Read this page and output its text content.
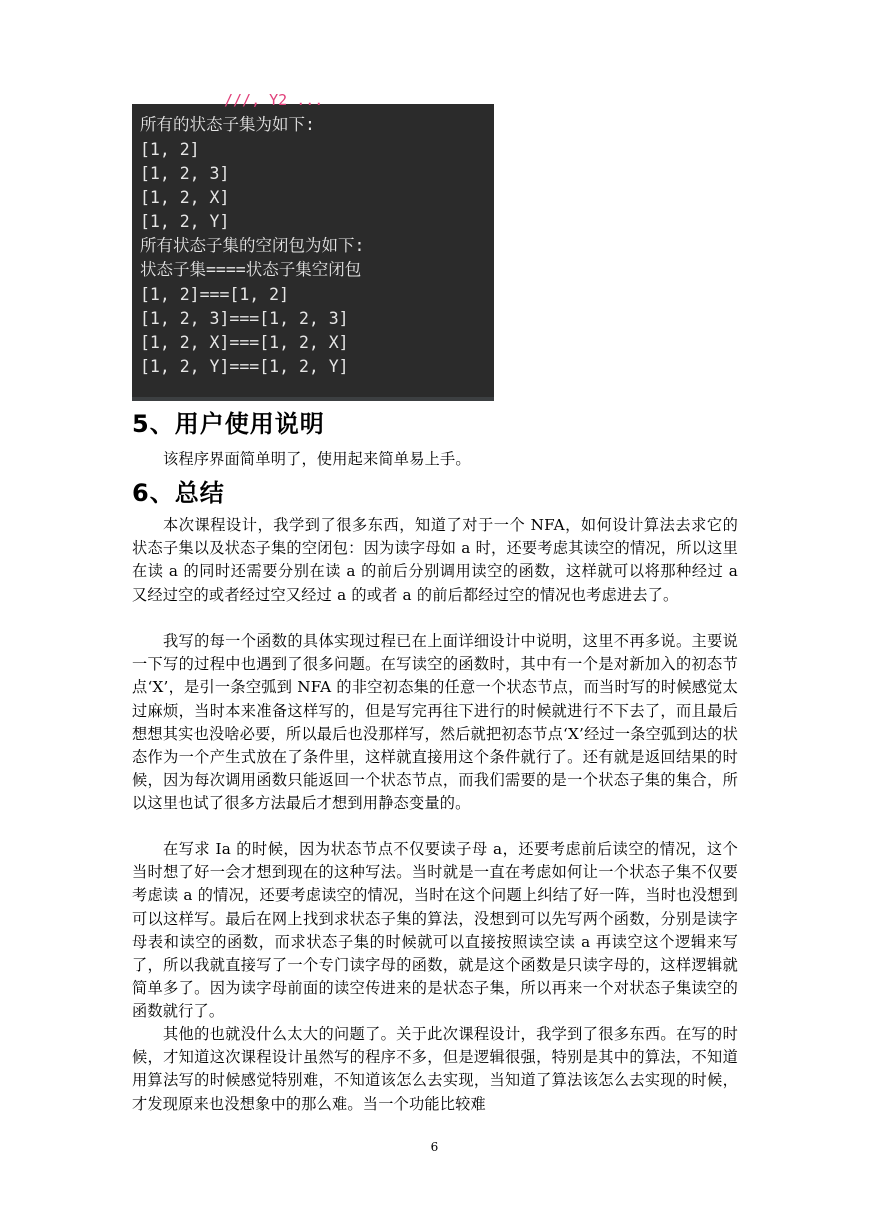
///, Y2 ...
所有的状态子集为如下:
[1, 2]
[1, 2, 3]
[1, 2, X]
[1, 2, Y]
所有状态子集的空闭包为如下:
状态子集====状态子集空闭包
[1, 2]===[1, 2]
[1, 2, 3]===[1, 2, 3]
[1, 2, X]===[1, 2, X]
[1, 2, Y]===[1, 2, Y]
5、用户使用说明

该程序界面简单明了，使用起来简单易上手。

6、总结

本次课程设计，我学到了很多东西，知道了对于一个 NFA，如何设计算法去求它的状态子集以及状态子集的空闭包：因为读字母如 a 时，还要考虑其读空的情况，所以这里在读 a 的同时还需要分别在读 a 的前后分别调用读空的函数，这样就可以将那种经过 a 又经过空的或者经过空又经过 a 的或者 a 的前后都经过空的情况也考虑进去了。

我写的每一个函数的具体实现过程已在上面详细设计中说明，这里不再多说。主要说一下写的过程中也遇到了很多问题。在写读空的函数时，其中有一个是对新加入的初态节点‘X’，是引一条空弧到 NFA 的非空初态集的任意一个状态节点，而当时写的时候感觉太过麻烦，当时本来准备这样写的，但是写完再往下进行的时候就进行不下去了，而且最后想想其实也没啥必要，所以最后也没那样写，然后就把初态节点‘X’经过一条空弧到达的状态作为一个产生式放在了条件里，这样就直接用这个条件就行了。还有就是返回结果的时候，因为每次调用函数只能返回一个状态节点，而我们需要的是一个状态子集的集合，所以这里也试了很多方法最后才想到用静态变量的。

在写求 Ia 的时候，因为状态节点不仅要读子母 a，还要考虑前后读空的情况，这个当时想了好一会才想到现在的这种写法。当时就是一直在考虑如何让一个状态子集不仅要考虑读 a 的情况，还要考虑读空的情况，当时在这个问题上纠结了好一阵，当时也没想到可以这样写。最后在网上找到求状态子集的算法，没想到可以先写两个函数，分别是读字母表和读空的函数，而求状态子集的时候就可以直接按照读空读 a 再读空这个逻辑来写了，所以我就直接写了一个专门读字母的函数，就是这个函数是只读字母的，这样逻辑就简单多了。因为读字母前面的读空传进来的是状态子集，所以再来一个对状态子集读空的函数就行了。

其他的也就没什么太大的问题了。关于此次课程设计，我学到了很多东西。在写的时候，才知道这次课程设计虽然写的程序不多，但是逻辑很强，特别是其中的算法，不知道用算法写的时候感觉特别难，不知道该怎么去实现，当知道了算法该怎么去实现的时候，才发现原来也没想象中的那么难。当一个功能比较难

6
